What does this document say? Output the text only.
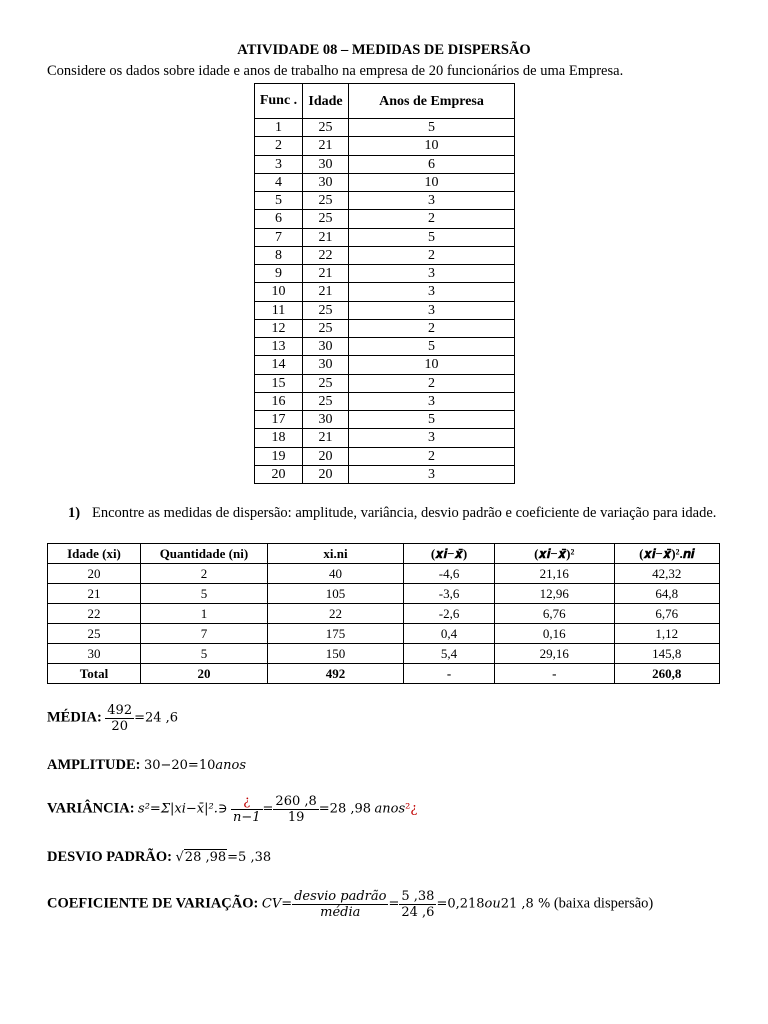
ATIVIDADE 08 – MEDIDAS DE DISPERSÃO
Considere os dados sobre idade e anos de trabalho na empresa de 20 funcionários de uma Empresa.
Func .	Idade	Anos de Empresa
1	25	5
2	21	10
3	30	6
4	30	10
5	25	3
6	25	2
7	21	5
8	22	2
9	21	3
10	21	3
11	25	3
12	25	2
13	30	5
14	30	10
15	25	2
16	25	3
17	30	5
18	21	3
19	20	2
20	20	3
1) Encontre as medidas de dispersão: amplitude, variância, desvio padrão e coeficiente de variação para idade.
Idade (xi)	Quantidade (ni)	xi.ni	(𝒙𝒊−𝒙̄)	(𝒙𝒊−𝒙̄)²	(𝒙𝒊−𝒙̄)².𝒏𝒊
20	2	40	-4,6	21,16	42,32
21	5	105	-3,6	12,96	64,8
22	1	22	-2,6	6,76	6,76
25	7	175	0,4	0,16	1,12
30	5	150	5,4	29,16	145,8
Total	20	492	-	-	260,8
MÉDIA: $\frac{492}{20} =24$ ,6
AMPLITUDE: 30−20=10anos
VARIÂNCIA: s²=Σ|xi−x̄|².∋ $\frac{¿}{n-1} = \frac{260 ,8}{19} =28$ ,98 anos²¿
DESVIO PADRÃO: √28 ,98=5 ,38
COEFICIENTE DE VARIAÇÃO: $CV= \frac{\text{desvio padrão}}{\text{média}} = \frac{5 ,38}{24 ,6} =0,218ou21$ ,8 % (baixa dispersão)
